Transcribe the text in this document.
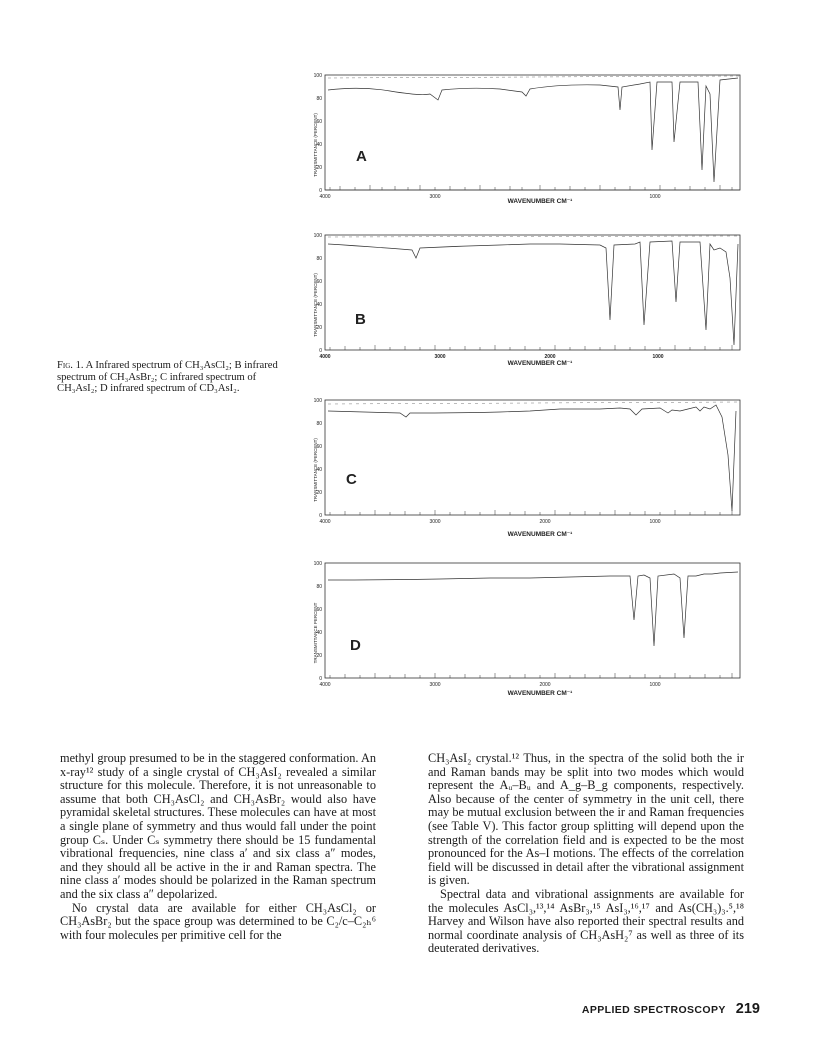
Fig. 1. A Infrared spectrum of CH₃AsCl₂; B infrared spectrum of CH₃AsBr₂; C infrared spectrum of CH₃AsI₂; D infrared spectrum of CD₃AsI₂.
TRANSMITTANCE (PERCENT)
100
80
60
40
20
0
4000	3000	1000
WAVENUMBER CM⁻¹
A
TRANSMITTANCE (PERCENT)
100
80
60
40
20
0
4000	3000	2000	1000
WAVENUMBER CM⁻¹
B
TRANSMITTANCE (PERCENT)
100
80
60
40
20
0
4000	3000	2000	1000
WAVENUMBER CM⁻¹
C
TRANSMITTANCE PERCENT
100
80
60
40
20
0
4000	3000	2000	1000
WAVENUMBER CM⁻¹
D

methyl group presumed to be in the staggered conformation. An x-ray¹² study of a single crystal of CH₃AsI₂ revealed a similar structure for this molecule. Therefore, it is not unreasonable to assume that both CH₃AsCl₂ and CH₃AsBr₂ would also have pyramidal skeletal structures. These molecules can have at most a single plane of symmetry and thus would fall under the point group Cₛ. Under Cₛ symmetry there should be 15 fundamental vibrational frequencies, nine class a′ and six class a″ modes, and they should all be active in the ir and Raman spectra. The nine class a′ modes should be polarized in the Raman spectrum and the six class a″ depolarized.

No crystal data are available for either CH₃AsCl₂ or CH₃AsBr₂ but the space group was determined to be C₂/c–C₂ₕ⁶ with four molecules per primitive cell for the

CH₃AsI₂ crystal.¹² Thus, in the spectra of the solid both the ir and Raman bands may be split into two modes which would represent the Aᵤ–Bᵤ and A_g–B_g components, respectively. Also because of the center of symmetry in the unit cell, there may be mutual exclusion between the ir and Raman frequencies (see Table V). This factor group splitting will depend upon the strength of the correlation field and is expected to be the most pronounced for the As–I motions. The effects of the correlation field will be discussed in detail after the vibrational assignment is given.

Spectral data and vibrational assignments are available for the molecules AsCl₃,¹³,¹⁴ AsBr₃,¹⁵ AsI₃,¹⁶,¹⁷ and As(CH₃)₃.⁵,¹⁸ Harvey and Wilson have also reported their spectral results and normal coordinate analysis of CH₃AsH₂⁷ as well as three of its deuterated derivatives.

APPLIED SPECTROSCOPY 219
